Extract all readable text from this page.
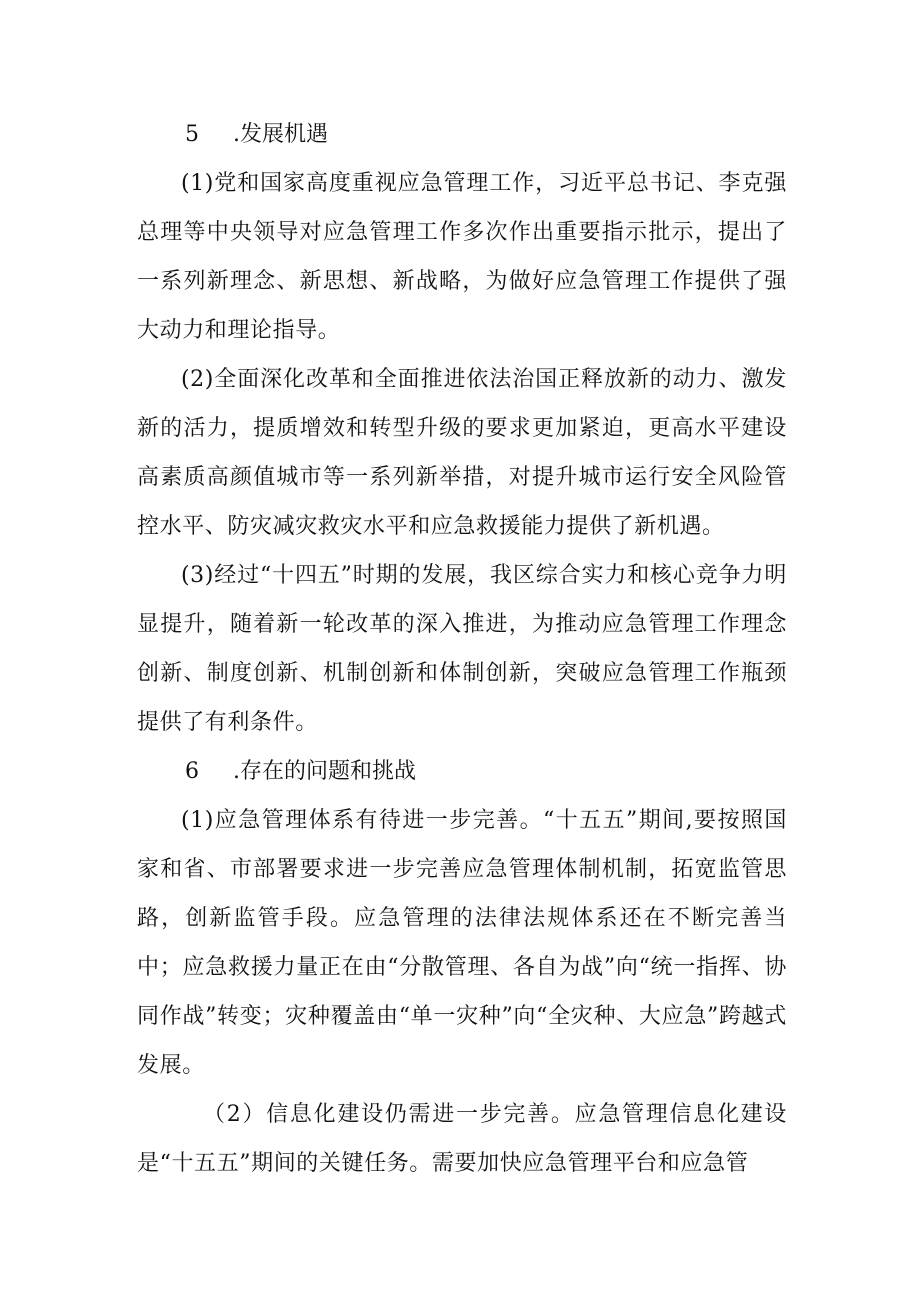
5 .发展机遇

(1)党和国家高度重视应急管理工作，习近平总书记、李克强总理等中央领导对应急管理工作多次作出重要指示批示，提出了一系列新理念、新思想、新战略，为做好应急管理工作提供了强大动力和理论指导。

(2)全面深化改革和全面推进依法治国正释放新的动力、激发新的活力，提质增效和转型升级的要求更加紧迫，更高水平建设高素质高颜值城市等一系列新举措，对提升城市运行安全风险管控水平、防灾减灾救灾水平和应急救援能力提供了新机遇。

(3)经过“十四五”时期的发展，我区综合实力和核心竞争力明显提升，随着新一轮改革的深入推进，为推动应急管理工作理念创新、制度创新、机制创新和体制创新，突破应急管理工作瓶颈提供了有利条件。

6 .存在的问题和挑战

(1)应急管理体系有待进一步完善。“十五五”期间,要按照国家和省、市部署要求进一步完善应急管理体制机制，拓宽监管思路，创新监管手段。应急管理的法律法规体系还在不断完善当中；应急救援力量正在由“分散管理、各自为战”向“统一指挥、协同作战”转变；灾种覆盖由“单一灾种”向“全灾种、大应急”跨越式发展。

（2）信息化建设仍需进一步完善。应急管理信息化建设是“十五五”期间的关键任务。需要加快应急管理平台和应急管
